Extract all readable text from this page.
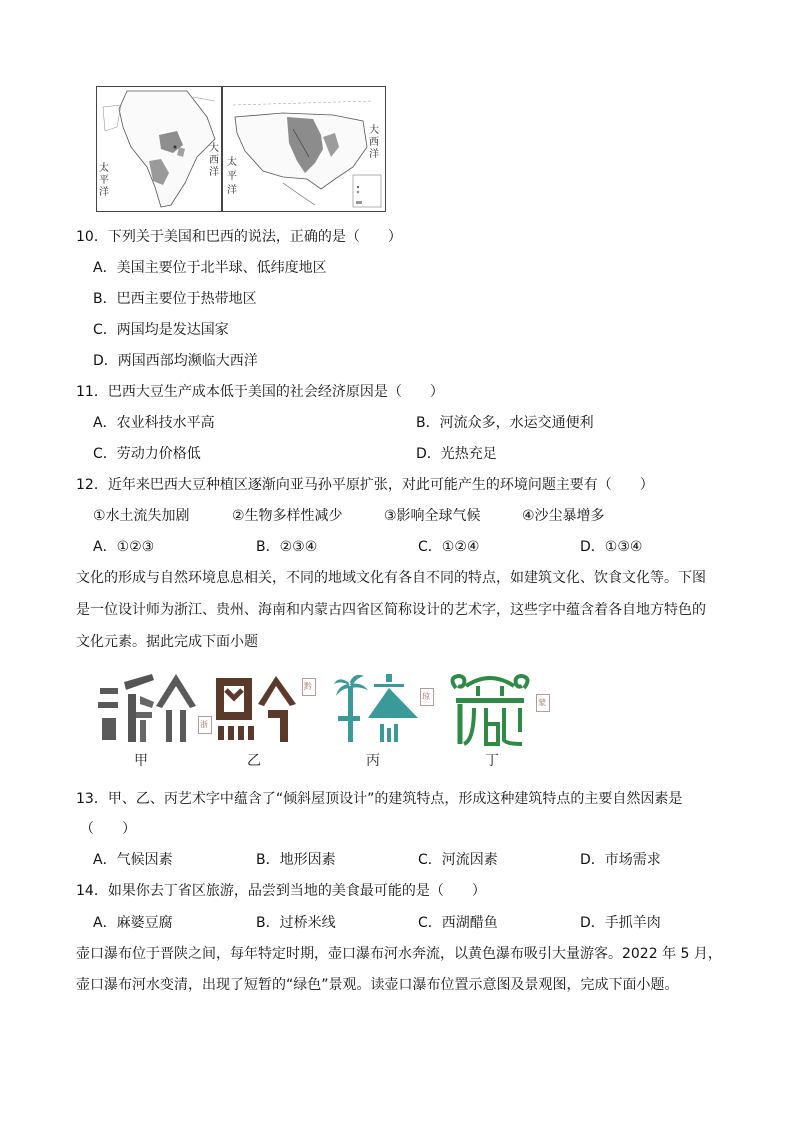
太
平
洋
大
西
洋
太
平
洋
大
西
洋
10．下列关于美国和巴西的说法，正确的是（　　）
A．美国主要位于北半球、低纬度地区
B．巴西主要位于热带地区
C．两国均是发达国家
D．两国西部均濒临大西洋
11．巴西大豆生产成本低于美国的社会经济原因是（　　）
A．农业科技水平高	B．河流众多，水运交通便利
C．劳动力价格低	D．光热充足
12．近年来巴西大豆种植区逐渐向亚马孙平原扩张，对此可能产生的环境问题主要有（　　）
①水土流失加剧	②生物多样性减少	③影响全球气候	④沙尘暴增多
A．①②③	B．②③④	C．①②④	D．①③④
文化的形成与自然环境息息相关，不同的地域文化有各自不同的特点，如建筑文化、饮食文化等。下图
是一位设计师为浙江、贵州、海南和内蒙古四省区简称设计的艺术字，这些字中蕴含着各自地方特色的
文化元素。据此完成下面小题
浙
黔
琼
蒙
甲	乙	丙	丁
13．甲、乙、丙艺术字中蕴含了“倾斜屋顶设计”的建筑特点，形成这种建筑特点的主要自然因素是
（　　）
A．气候因素	B．地形因素	C．河流因素	D．市场需求
14．如果你去丁省区旅游，品尝到当地的美食最可能的是（　　）
A．麻婆豆腐	B．过桥米线	C．西湖醋鱼	D．手抓羊肉
壶口瀑布位于晋陕之间，每年特定时期，壶口瀑布河水奔流，以黄色瀑布吸引大量游客。2022 年 5 月，
壶口瀑布河水变清，出现了短暂的“绿色”景观。读壶口瀑布位置示意图及景观图，完成下面小题。
